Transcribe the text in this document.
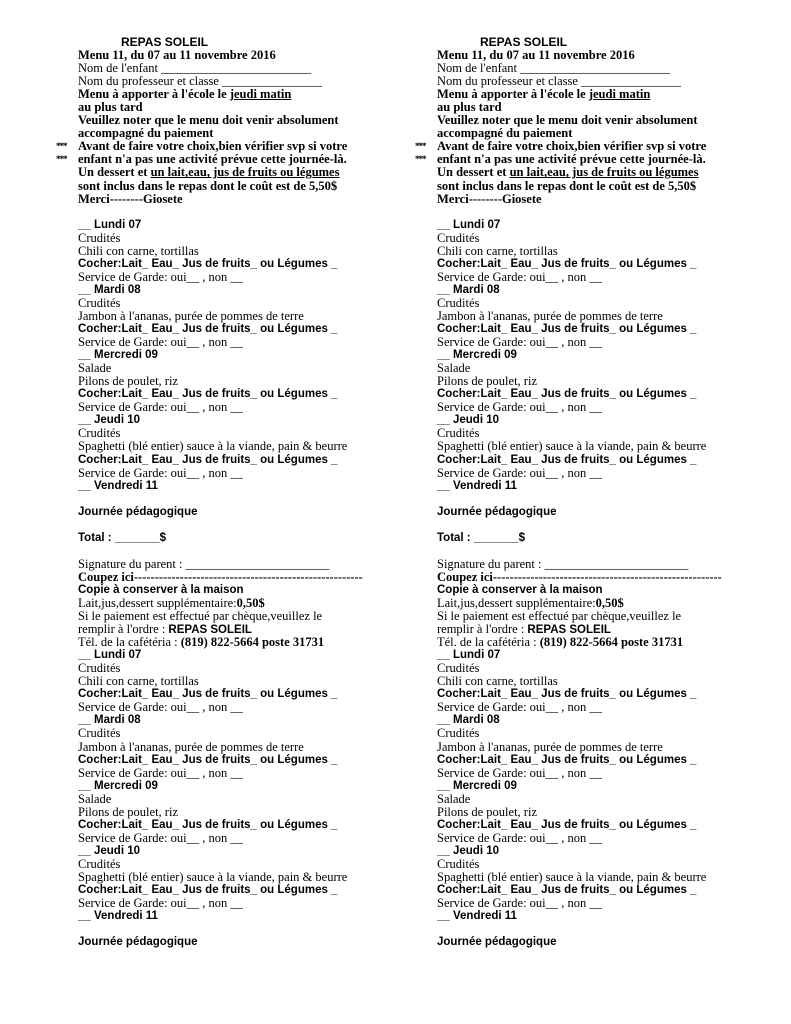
REPAS SOLEIL
Menu 11, du 07 au 11 novembre 2016
Nom de l'enfant ________________________
Nom du professeur et classe ________________
Menu à apporter à l'école le jeudi matin
au plus tard
Veuillez noter que le menu doit venir absolument
accompagné du paiement
*** Avant de faire votre choix,bien vérifier svp si votre
*** enfant n'a pas une activité prévue cette journée-là.
Un dessert et un lait,eau, jus de fruits ou légumes
sont inclus dans le repas dont le coût est de 5,50$
Merci--------Giosete
__ Lundi 07
Crudités
Chili con carne, tortillas
Cocher:Lait_ Eau_ Jus de fruits_ ou Légumes _
Service de Garde: oui__ , non __
__ Mardi 08
Crudités
Jambon à l'ananas, purée de pommes de terre
Cocher:Lait_ Eau_ Jus de fruits_ ou Légumes _
Service de Garde: oui__ , non __
__ Mercredi 09
Salade
Pilons de poulet, riz
Cocher:Lait_ Eau_ Jus de fruits_ ou Légumes _
Service de Garde: oui__ , non __
__ Jeudi 10
Crudités
Spaghetti (blé entier) sauce à la viande, pain & beurre
Cocher:Lait_ Eau_ Jus de fruits_ ou Légumes _
Service de Garde: oui__ , non __
__ Vendredi 11
Journée pédagogique
Total : _______$
Signature du parent : _______________________
Coupez ici-------------------------------------------------------
Copie à conserver à la maison
Lait,jus,dessert supplémentaire:0,50$
Si le paiement est effectué par chèque,veuillez le
remplir à l'ordre : REPAS SOLEIL
Tél. de la cafétéria : (819) 822-5664 poste 31731
__ Lundi 07
Crudités
Chili con carne, tortillas
Cocher:Lait_ Eau_ Jus de fruits_ ou Légumes _
Service de Garde: oui__ , non __
__ Mardi 08
Crudités
Jambon à l'ananas, purée de pommes de terre
Cocher:Lait_ Eau_ Jus de fruits_ ou Légumes _
Service de Garde: oui__ , non __
__ Mercredi 09
Salade
Pilons de poulet, riz
Cocher:Lait_ Eau_ Jus de fruits_ ou Légumes _
Service de Garde: oui__ , non __
__ Jeudi 10
Crudités
Spaghetti (blé entier) sauce à la viande, pain & beurre
Cocher:Lait_ Eau_ Jus de fruits_ ou Légumes _
Service de Garde: oui__ , non __
__ Vendredi 11
Journée pédagogique
REPAS SOLEIL
Menu 11, du 07 au 11 novembre 2016
Nom de l'enfant ________________________
Nom du professeur et classe ________________
Menu à apporter à l'école le jeudi matin
au plus tard
Veuillez noter que le menu doit venir absolument
accompagné du paiement
*** Avant de faire votre choix,bien vérifier svp si votre
*** enfant n'a pas une activité prévue cette journée-là.
Un dessert et un lait,eau, jus de fruits ou légumes
sont inclus dans le repas dont le coût est de 5,50$
Merci--------Giosete
__ Lundi 07
Crudités
Chili con carne, tortillas
Cocher:Lait_ Eau_ Jus de fruits_ ou Légumes _
Service de Garde: oui__ , non __
__ Mardi 08
Crudités
Jambon à l'ananas, purée de pommes de terre
Cocher:Lait_ Eau_ Jus de fruits_ ou Légumes _
Service de Garde: oui__ , non __
__ Mercredi 09
Salade
Pilons de poulet, riz
Cocher:Lait_ Eau_ Jus de fruits_ ou Légumes _
Service de Garde: oui__ , non __
__ Jeudi 10
Crudités
Spaghetti (blé entier) sauce à la viande, pain & beurre
Cocher:Lait_ Eau_ Jus de fruits_ ou Légumes _
Service de Garde: oui__ , non __
__ Vendredi 11
Journée pédagogique
Total : _______$
Signature du parent : _______________________
Coupez ici-------------------------------------------------------
Copie à conserver à la maison
Lait,jus,dessert supplémentaire:0,50$
Si le paiement est effectué par chèque,veuillez le
remplir à l'ordre : REPAS SOLEIL
Tél. de la cafétéria : (819) 822-5664 poste 31731
__ Lundi 07
Crudités
Chili con carne, tortillas
Cocher:Lait_ Eau_ Jus de fruits_ ou Légumes _
Service de Garde: oui__ , non __
__ Mardi 08
Crudités
Jambon à l'ananas, purée de pommes de terre
Cocher:Lait_ Eau_ Jus de fruits_ ou Légumes _
Service de Garde: oui__ , non __
__ Mercredi 09
Salade
Pilons de poulet, riz
Cocher:Lait_ Eau_ Jus de fruits_ ou Légumes _
Service de Garde: oui__ , non __
__ Jeudi 10
Crudités
Spaghetti (blé entier) sauce à la viande, pain & beurre
Cocher:Lait_ Eau_ Jus de fruits_ ou Légumes _
Service de Garde: oui__ , non __
__ Vendredi 11
Journée pédagogique
